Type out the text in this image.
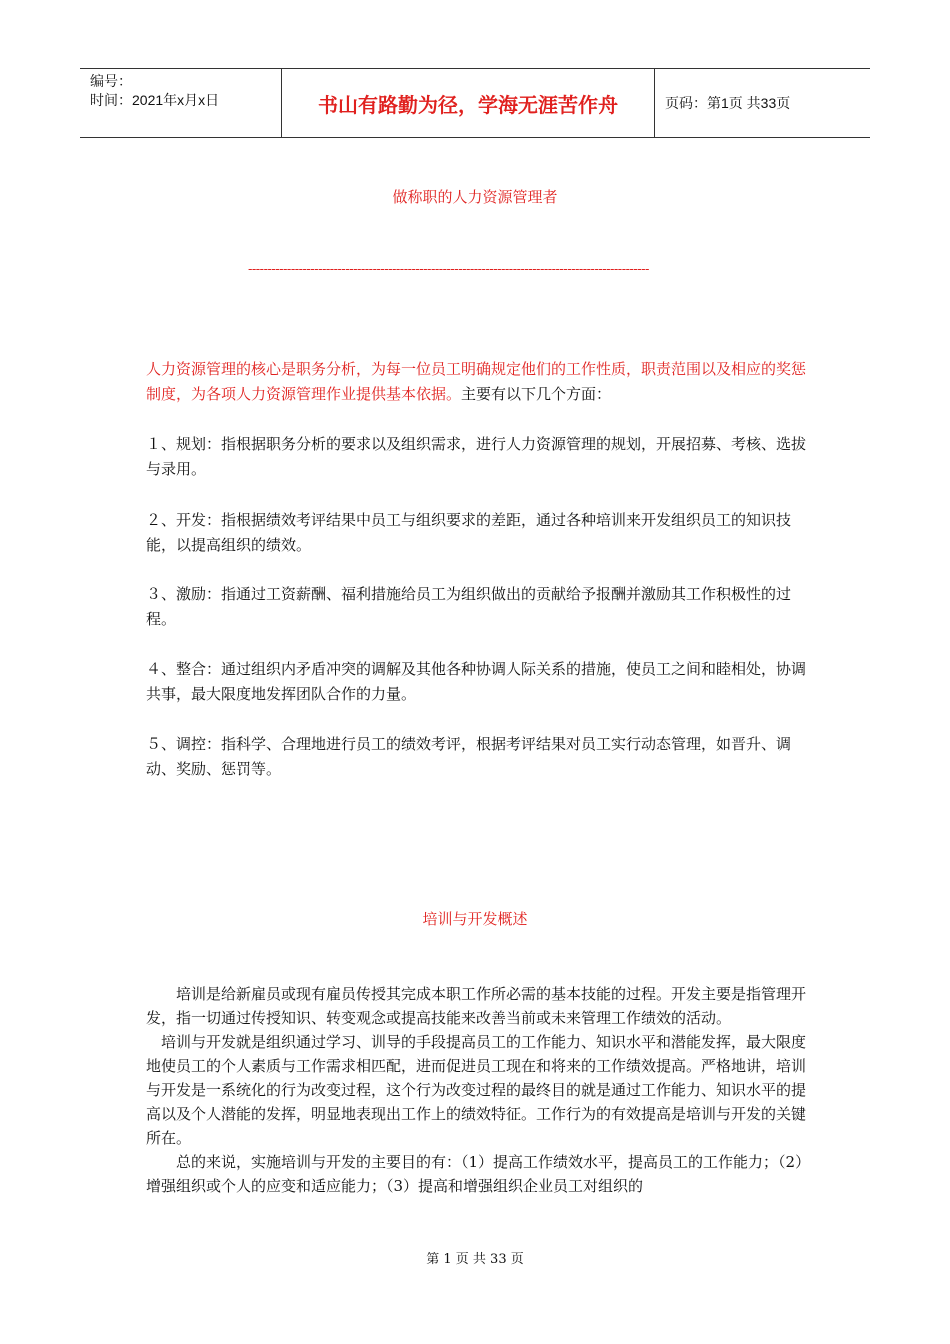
编号：
时间：2021年x月x日	书山有路勤为径，学海无涯苦作舟	页码：第1页 共33页
做称职的人力资源管理者
-------------------------------------------------------------------------------------------------------
人力资源管理的核心是职务分析，为每一位员工明确规定他们的工作性质，职责范围以及相应的奖惩制度，为各项人力资源管理作业提供基本依据。主要有以下几个方面：
１、规划：指根据职务分析的要求以及组织需求，进行人力资源管理的规划，开展招募、考核、选拔与录用。
２、开发：指根据绩效考评结果中员工与组织要求的差距，通过各种培训来开发组织员工的知识技能，以提高组织的绩效。
３、激励：指通过工资薪酬、福利措施给员工为组织做出的贡献给予报酬并激励其工作积极性的过程。
４、整合：通过组织内矛盾冲突的调解及其他各种协调人际关系的措施，使员工之间和睦相处，协调共事，最大限度地发挥团队合作的力量。
５、调控：指科学、合理地进行员工的绩效考评，根据考评结果对员工实行动态管理，如晋升、调动、奖励、惩罚等。
培训与开发概述

培训是给新雇员或现有雇员传授其完成本职工作所必需的基本技能的过程。开发主要是指管理开发，指一切通过传授知识、转变观念或提高技能来改善当前或未来管理工作绩效的活动。

培训与开发就是组织通过学习、训导的手段提高员工的工作能力、知识水平和潜能发挥，最大限度地使员工的个人素质与工作需求相匹配，进而促进员工现在和将来的工作绩效提高。严格地讲，培训与开发是一系统化的行为改变过程，这个行为改变过程的最终目的就是通过工作能力、知识水平的提高以及个人潜能的发挥，明显地表现出工作上的绩效特征。工作行为的有效提高是培训与开发的关键所在。

总的来说，实施培训与开发的主要目的有：（1）提高工作绩效水平，提高员工的工作能力；（2）增强组织或个人的应变和适应能力；（3）提高和增强组织企业员工对组织的

第 1 页 共 33 页
